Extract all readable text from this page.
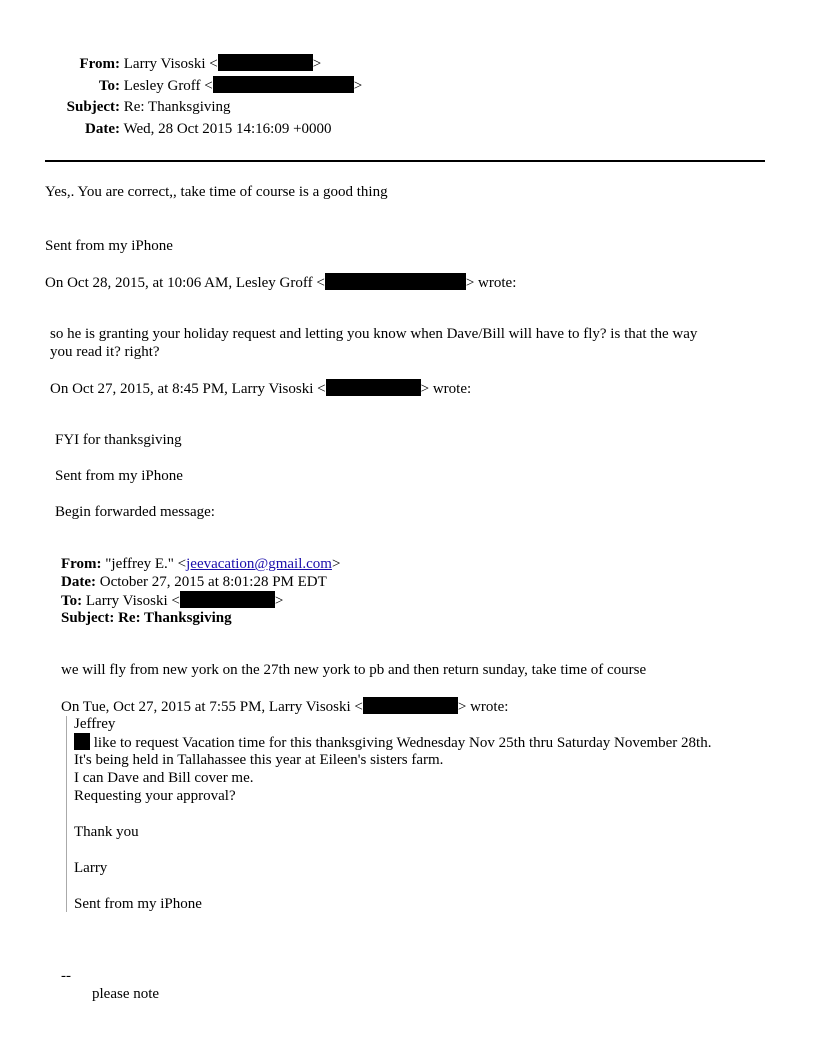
From: Larry Visoski <	>
To: Lesley Groff <	>
Subject: Re: Thanksgiving
Date: Wed, 28 Oct 2015 14:16:09 +0000
Yes,. You are correct,, take time of course is a good thing
Sent from my iPhone
On Oct 28, 2015, at 10:06 AM, Lesley Groff <	> wrote:
so he is granting your holiday request and letting you know when Dave/Bill will have to fly? is that the way
you read it? right?
On Oct 27, 2015, at 8:45 PM, Larry Visoski <	> wrote:
FYI for thanksgiving
Sent from my iPhone
Begin forwarded message:
From: "jeffrey E." <jeevacation@gmail.com>
Date: October 27, 2015 at 8:01:28 PM EDT
To: Larry Visoski <	>
Subject: Re: Thanksgiving
we will fly from new york on the 27th new york to pb and then return sunday, take time of course
On Tue, Oct 27, 2015 at 7:55 PM, Larry Visoski <	> wrote:
Jeffrey
like to request Vacation time for this thanksgiving Wednesday Nov 25th thru Saturday November 28th.
It's being held in Tallahassee this year at Eileen's sisters farm.
I can Dave and Bill cover me.
Requesting your approval?
Thank you
Larry
Sent from my iPhone
--
please note
